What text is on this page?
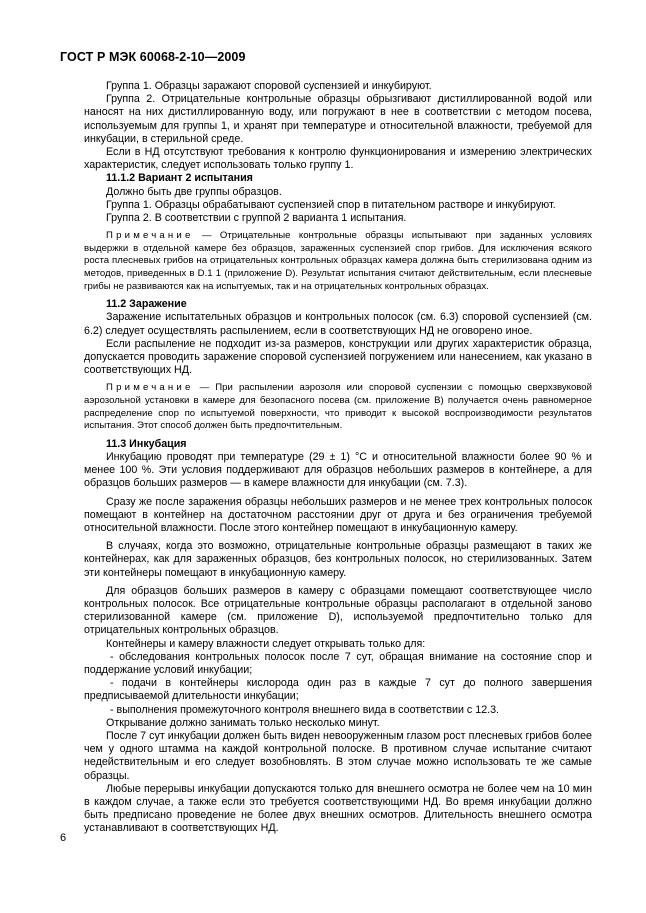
ГОСТ Р МЭК 60068-2-10—2009

Группа 1. Образцы заражают споровой суспензией и инкубируют.

Группа 2. Отрицательные контрольные образцы обрызгивают дистиллированной водой или наносят на них дистиллированную воду, или погружают в нее в соответствии с методом посева, используемым для группы 1, и хранят при температуре и относительной влажности, требуемой для инкубации, в стерильной среде.

Если в НД отсутствуют требования к контролю функционирования и измерению электрических характеристик, следует использовать только группу 1.

11.1.2 Вариант 2 испытания

Должно быть две группы образцов.

Группа 1. Образцы обрабатывают суспензией спор в питательном растворе и инкубируют.

Группа 2. В соответствии с группой 2 варианта 1 испытания.

Примечание — Отрицательные контрольные образцы испытывают при заданных условиях выдержки в отдельной камере без образцов, зараженных суспензией спор грибов. Для исключения всякого роста плесневых грибов на отрицательных контрольных образцах камера должна быть стерилизована одним из методов, приведенных в D.1 1 (приложение D). Результат испытания считают действительным, если плесневые грибы не развиваются как на испытуемых, так и на отрицательных контрольных образцах.

11.2 Заражение

Заражение испытательных образцов и контрольных полосок (см. 6.3) споровой суспензией (см. 6.2) следует осуществлять распылением, если в соответствующих НД не оговорено иное.

Если распыление не подходит из-за размеров, конструкции или других характеристик образца, допускается проводить заражение споровой суспензией погружением или нанесением, как указано в соответствующих НД.

Примечание — При распылении аэрозоля или споровой суспензии с помощью сверхзвуковой аэрозольной установки в камере для безопасного посева (см. приложение В) получается очень равномерное распределение спор по испытуемой поверхности, что приводит к высокой воспроизводимости результатов испытания. Этот способ должен быть предпочтительным.

11.3 Инкубация

Инкубацию проводят при температуре (29 ± 1) °С и относительной влажности более 90 % и менее 100 %. Эти условия поддерживают для образцов небольших размеров в контейнере, а для образцов больших размеров — в камере влажности для инкубации (см. 7.3).

Сразу же после заражения образцы небольших размеров и не менее трех контрольных полосок помещают в контейнер на достаточном расстоянии друг от друга и без ограничения требуемой относительной влажности. После этого контейнер помещают в инкубационную камеру.

В случаях, когда это возможно, отрицательные контрольные образцы размещают в таких же контейнерах, как для зараженных образцов, без контрольных полосок, но стерилизованных. Затем эти контейнеры помещают в инкубационную камеру.

Для образцов больших размеров в камеру с образцами помещают соответствующее число контрольных полосок. Все отрицательные контрольные образцы располагают в отдельной заново стерилизованной камере (см. приложение D), используемой предпочтительно только для отрицательных контрольных образцов.

Контейнеры и камеру влажности следует открывать только для:

- обследования контрольных полосок после 7 сут, обращая внимание на состояние спор и поддержание условий инкубации;

- подачи в контейнеры кислорода один раз в каждые 7 сут до полного завершения предписываемой длительности инкубации;

- выполнения промежуточного контроля внешнего вида в соответствии с 12.3.

Открывание должно занимать только несколько минут.

После 7 сут инкубации должен быть виден невооруженным глазом рост плесневых грибов более чем у одного штамма на каждой контрольной полоске. В противном случае испытание считают недействительным и его следует возобновлять. В этом случае можно использовать те же самые образцы.

Любые перерывы инкубации допускаются только для внешнего осмотра не более чем на 10 мин в каждом случае, а также если это требуется соответствующими НД. Во время инкубации должно быть предписано проведение не более двух внешних осмотров. Длительность внешнего осмотра устанавливают в соответствующих НД.

6
